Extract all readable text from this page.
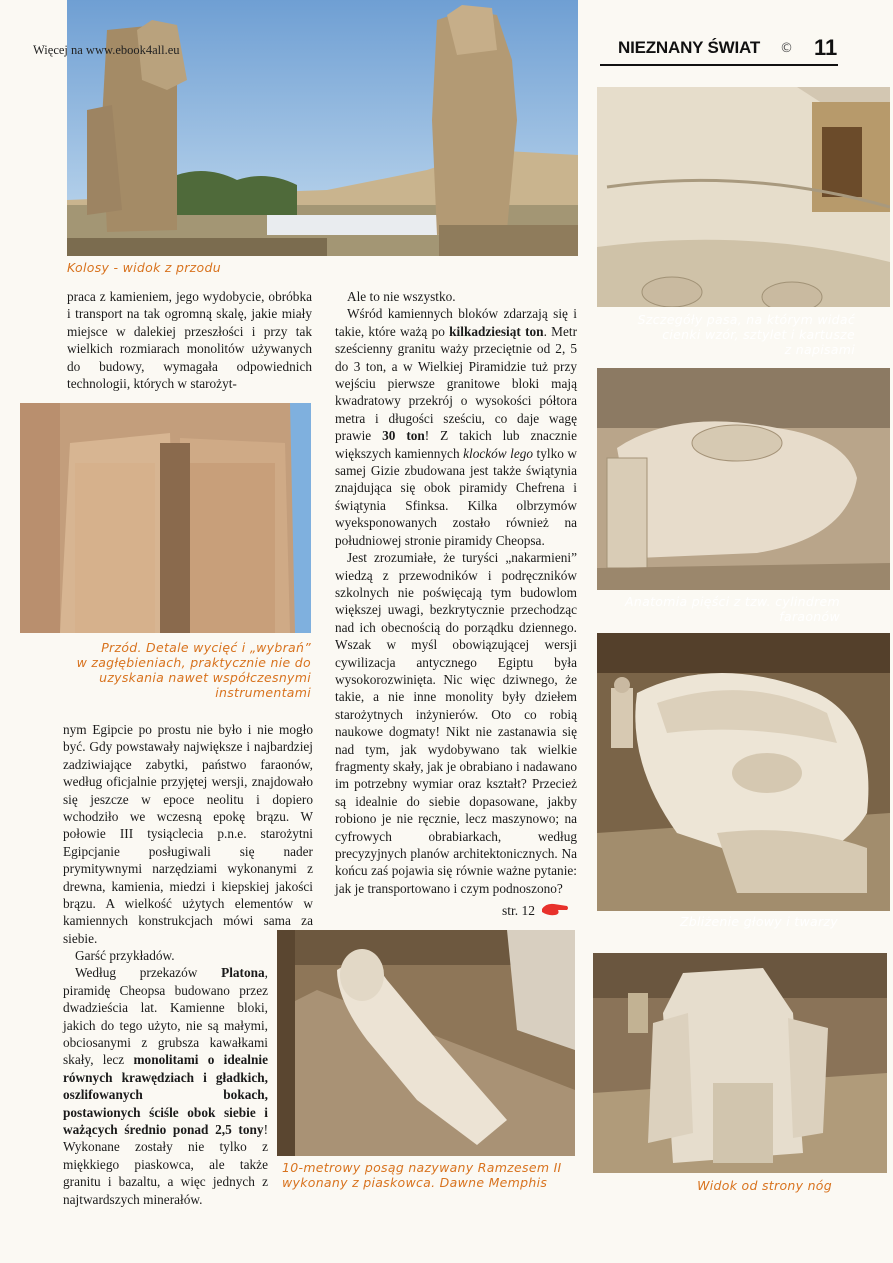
NIEZNANY ŚWIAT © 11
Więcej na www.ebook4all.eu
Kolosy - widok z przodu
Szczegóły pasa, na którym widać
cienki wzór, sztylet i kartusze
z napisami
Anatomia pięści z tzw. cylindrem
faraonów
Zbliżenie głowy i twarzy
Widok od strony nóg
Przód. Detale wycięć i „wybrań”
w zagłębieniach, praktycznie nie do
uzyskania nawet współczesnymi
instrumentami
10-metrowy posąg nazywany Ramzesem II
wykonany z piaskowca. Dawne Memphis

praca z kamieniem, jego wydobycie, obróbka i transport na tak ogromną skalę, jakie miały miejsce w dalekiej przeszłości i przy tak wielkich rozmiarach monolitów używanych do budowy, wymagała odpowiednich technologii, których w starożyt-

nym Egipcie po prostu nie było i nie mogło być. Gdy powstawały największe i najbardziej zadziwiające zabytki, państwo faraonów, według oficjalnie przyjętej wersji, znajdowało się jeszcze w epoce neolitu i dopiero wchodziło we wczesną epokę brązu. W połowie III tysiąclecia p.n.e. starożytni Egipcjanie posługiwali się nader prymitywnymi narzędziami wykonanymi z drewna, kamienia, miedzi i kiepskiej jakości brązu. A wielkość użytych elementów w kamiennych konstrukcjach mówi sama za siebie.

Garść przykładów.

Według przekazów Platona, piramidę Cheopsa budowano przez dwadzieścia lat. Kamienne bloki, jakich do tego użyto, nie są małymi, obciosanymi z grubsza kawałkami skały, lecz monolitami o idealnie równych krawędziach i gładkich, oszlifowanych bokach, postawionych ściśle obok siebie i ważących średnio ponad 2,5 tony! Wykonane zostały nie tylko z miękkiego piaskowca, ale także granitu i bazaltu, a więc jednych z najtwardszych minerałów.

Ale to nie wszystko.

Wśród kamiennych bloków zdarzają się i takie, które ważą po kilkadziesiąt ton. Metr sześcienny granitu waży przeciętnie od 2, 5 do 3 ton, a w Wielkiej Piramidzie tuż przy wejściu pierwsze granitowe bloki mają kwadratowy przekrój o wysokości półtora metra i długości sześciu, co daje wagę prawie 30 ton! Z takich lub znacznie większych kamiennych klocków lego tylko w samej Gizie zbudowana jest także świątynia znajdująca się obok piramidy Chefrena i świątynia Sfinksa. Kilka olbrzymów wyeksponowanych zostało również na południowej stronie piramidy Cheopsa.

Jest zrozumiałe, że turyści „nakarmieni” wiedzą z przewodników i podręczników szkolnych nie poświęcają tym budowlom większej uwagi, bezkrytycznie przechodząc nad ich obecnością do porządku dziennego. Wszak w myśl obowiązującej wersji cywilizacja antycznego Egiptu była wysokorozwinięta. Nic więc dziwnego, że takie, a nie inne monolity były dziełem starożytnych inżynierów. Oto co robią naukowe dogmaty! Nikt nie zastanawia się nad tym, jak wydobywano tak wielkie fragmenty skały, jak je obrabiano i nadawano im potrzebny wymiar oraz kształt? Przecież są idealnie do siebie dopasowane, jakby robiono je nie ręcznie, lecz maszynowo; na cyfrowych obrabiarkach, według precyzyjnych planów architektonicznych. Na końcu zaś pojawia się równie ważne pytanie: jak je transportowano i czym podnoszono?

str. 12
